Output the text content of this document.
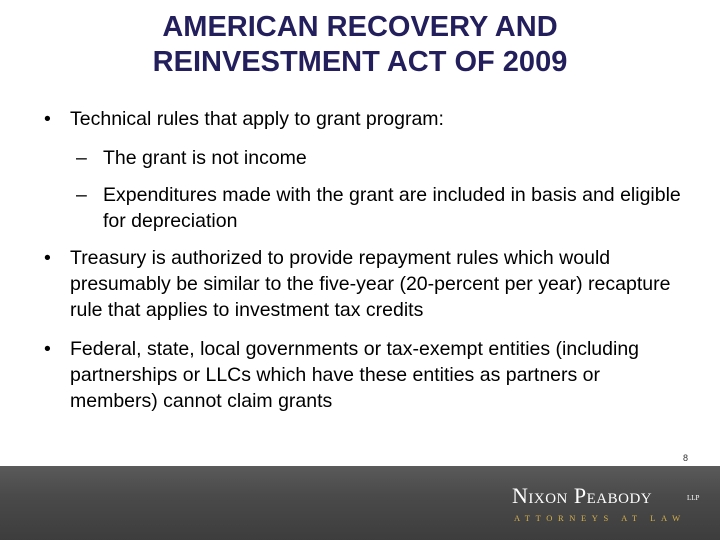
AMERICAN RECOVERY AND
REINVESTMENT ACT OF 2009
• Technical rules that apply to grant program:
– The grant is not income
– Expenditures made with the grant are included in basis and eligible for depreciation
• Treasury is authorized to provide repayment rules which would presumably be similar to the five-year (20-percent per year) recapture rule that applies to investment tax credits
• Federal, state, local governments or tax-exempt entities (including partnerships or LLCs which have these entities as partners or members) cannot claim grants
8
Nixon Peabody	LLP
ATTORNEYS AT LAW
